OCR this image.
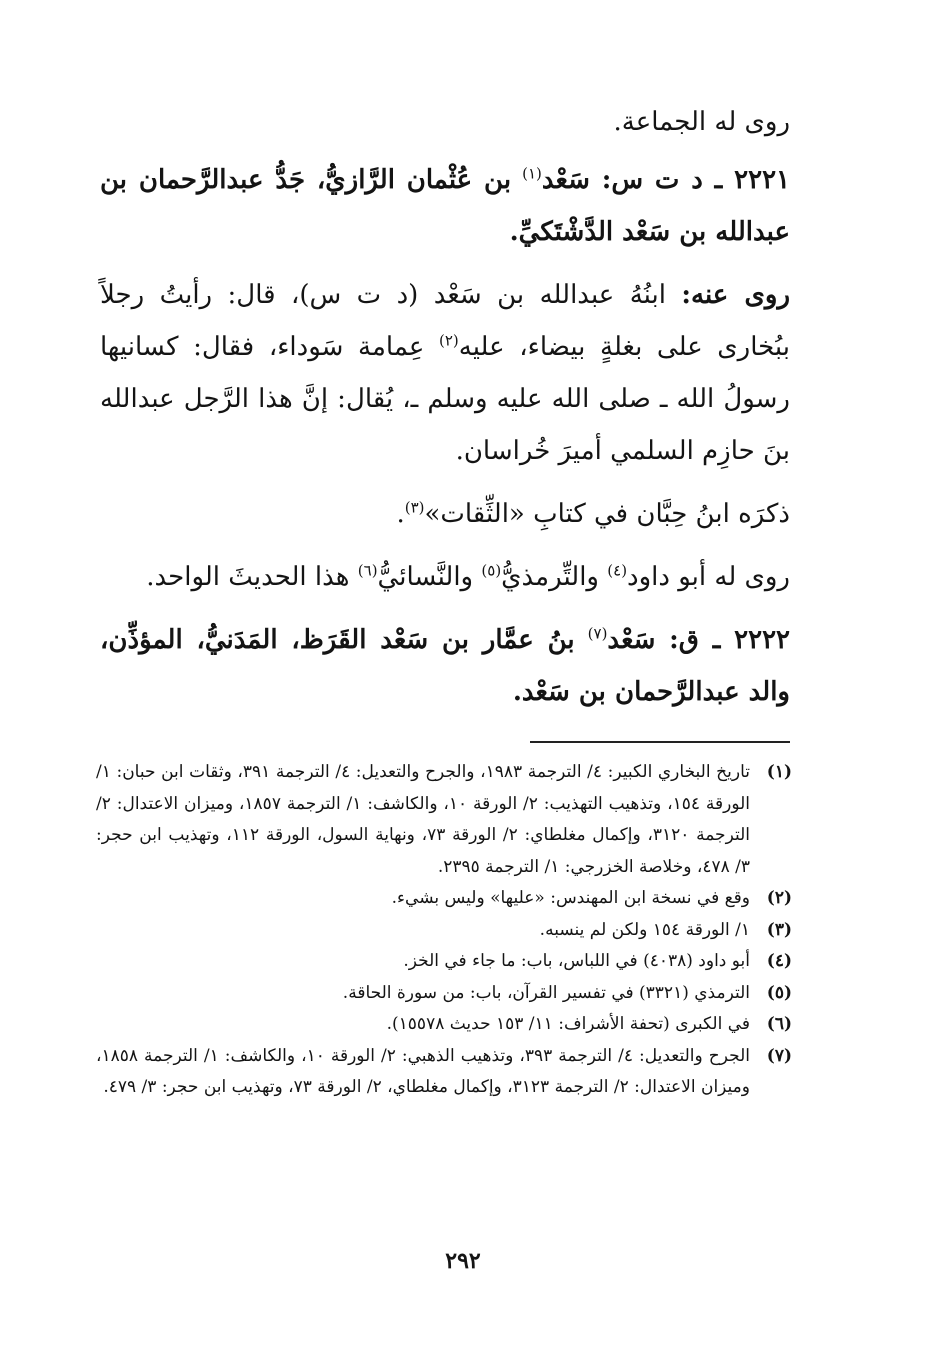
روى له الجماعة.

٢٢٢١ ـ د ت س: سَعْد$^{(١)}$ بن عُثْمان الرَّازيُّ، جَدُّ عبدالرَّحمان بن عبدالله بن سَعْد الدَّشْتَكيِّ.

روى عنه: ابنُهُ عبدالله بن سَعْد (د ت س)، قال: رأيتُ رجلاً ببُخارى على بغلةٍ بيضاء، عليه$^{(٢)}$ عِمامة سَوداء، فقال: كسانيها رسولُ الله ـ صلى الله عليه وسلم ـ، يُقال: إنَّ هذا الرَّجل عبدالله بنَ حازِم السلمي أميرَ خُراسان.

ذكرَه ابنُ حِبَّان في كتابِ «الثِّقات»$^{(٣)}$.

روى له أبو داود$^{(٤)}$ والتِّرمذيُّ$^{(٥)}$ والنَّسائيُّ$^{(٦)}$ هذا الحديثَ الواحد.

٢٢٢٢ ـ ق: سَعْد$^{(٧)}$ بنُ عمَّار بن سَعْد القَرَظ، المَدَنيُّ، المؤذِّن، والد عبدالرَّحمان بن سَعْد.

(١)
تاريخ البخاري الكبير: ٤/ الترجمة ١٩٨٣، والجرح والتعديل: ٤/ الترجمة ٣٩١، وثقات ابن حبان: ١/ الورقة ١٥٤، وتذهيب التهذيب: ٢/ الورقة ١٠، والكاشف: ١/ الترجمة ١٨٥٧، وميزان الاعتدال: ٢/ الترجمة ٣١٢٠، وإكمال مغلطاي: ٢/ الورقة ٧٣، ونهاية السول، الورقة ١١٢، وتهذيب ابن حجر: ٣/ ٤٧٨، وخلاصة الخزرجي: ١/ الترجمة ٢٣٩٥.
(٢)
وقع في نسخة ابن المهندس: «عليها» وليس بشيء.
(٣)
١/ الورقة ١٥٤ ولكن لم ينسبه.
(٤)
أبو داود (٤٠٣٨) في اللباس، باب: ما جاء في الخز.
(٥)
الترمذي (٣٣٢١) في تفسير القرآن، باب: من سورة الحاقة.
(٦)
في الكبرى (تحفة الأشراف: ١١/ ١٥٣ حديث ١٥٥٧٨).
(٧)
الجرح والتعديل: ٤/ الترجمة ٣٩٣، وتذهيب الذهبي: ٢/ الورقة ١٠، والكاشف: ١/ الترجمة ١٨٥٨، وميزان الاعتدال: ٢/ الترجمة ٣١٢٣، وإكمال مغلطاي، ٢/ الورقة ٧٣، وتهذيب ابن حجر: ٣/ ٤٧٩.
٢٩٢
